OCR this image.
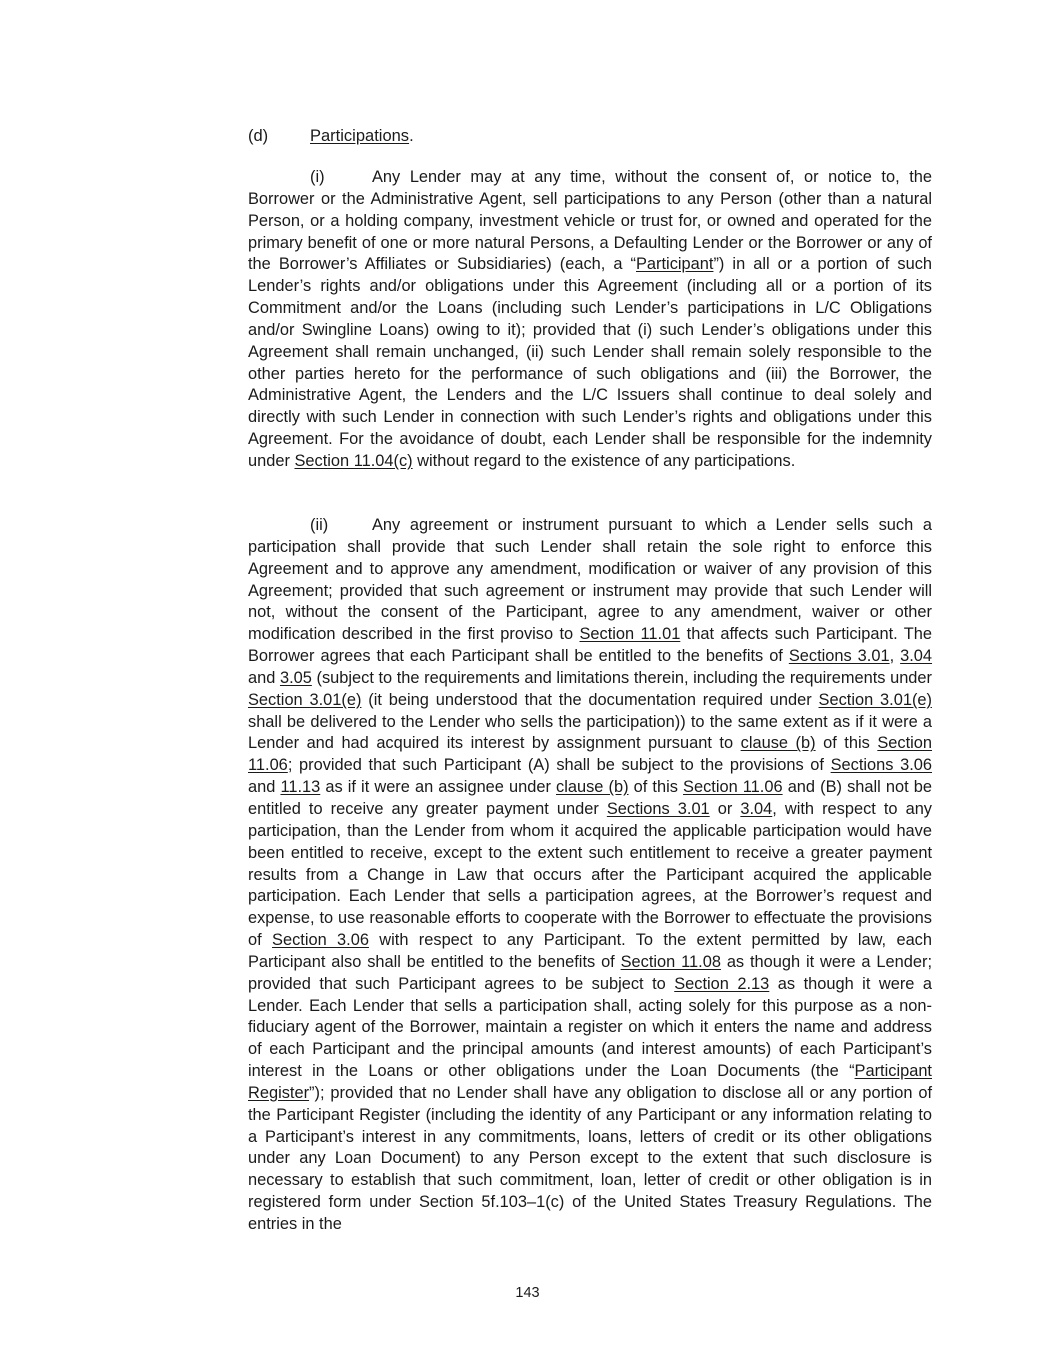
(d)	Participations.

(i)	Any Lender may at any time, without the consent of, or notice to, the Borrower or the Administrative Agent, sell participations to any Person (other than a natural Person, or a holding company, investment vehicle or trust for, or owned and operated for the primary benefit of one or more natural Persons, a Defaulting Lender or the Borrower or any of the Borrower’s Affiliates or Subsidiaries) (each, a “Participant”) in all or a portion of such Lender’s rights and/or obligations under this Agreement (including all or a portion of its Commitment and/or the Loans (including such Lender’s participations in L/C Obligations and/or Swingline Loans) owing to it); provided that (i) such Lender’s obligations under this Agreement shall remain unchanged, (ii) such Lender shall remain solely responsible to the other parties hereto for the performance of such obligations and (iii) the Borrower, the Administrative Agent, the Lenders and the L/C Issuers shall continue to deal solely and directly with such Lender in connection with such Lender’s rights and obligations under this Agreement. For the avoidance of doubt, each Lender shall be responsible for the indemnity under Section 11.04(c) without regard to the existence of any participations.

(ii)	Any agreement or instrument pursuant to which a Lender sells such a participation shall provide that such Lender shall retain the sole right to enforce this Agreement and to approve any amendment, modification or waiver of any provision of this Agreement; provided that such agreement or instrument may provide that such Lender will not, without the consent of the Participant, agree to any amendment, waiver or other modification described in the first proviso to Section 11.01 that affects such Participant. The Borrower agrees that each Participant shall be entitled to the benefits of Sections 3.01, 3.04 and 3.05 (subject to the requirements and limitations therein, including the requirements under Section 3.01(e) (it being understood that the documentation required under Section 3.01(e) shall be delivered to the Lender who sells the participation)) to the same extent as if it were a Lender and had acquired its interest by assignment pursuant to clause (b) of this Section 11.06; provided that such Participant (A) shall be subject to the provisions of Sections 3.06 and 11.13 as if it were an assignee under clause (b) of this Section 11.06 and (B) shall not be entitled to receive any greater payment under Sections 3.01 or 3.04, with respect to any participation, than the Lender from whom it acquired the applicable participation would have been entitled to receive, except to the extent such entitlement to receive a greater payment results from a Change in Law that occurs after the Participant acquired the applicable participation. Each Lender that sells a participation agrees, at the Borrower’s request and expense, to use reasonable efforts to cooperate with the Borrower to effectuate the provisions of Section 3.06 with respect to any Participant. To the extent permitted by law, each Participant also shall be entitled to the benefits of Section 11.08 as though it were a Lender; provided that such Participant agrees to be subject to Section 2.13 as though it were a Lender. Each Lender that sells a participation shall, acting solely for this purpose as a non-fiduciary agent of the Borrower, maintain a register on which it enters the name and address of each Participant and the principal amounts (and interest amounts) of each Participant’s interest in the Loans or other obligations under the Loan Documents (the “Participant Register”); provided that no Lender shall have any obligation to disclose all or any portion of the Participant Register (including the identity of any Participant or any information relating to a Participant’s interest in any commitments, loans, letters of credit or its other obligations under any Loan Document) to any Person except to the extent that such disclosure is necessary to establish that such commitment, loan, letter of credit or other obligation is in registered form under Section 5f.103–1(c) of the United States Treasury Regulations. The entries in the

143
